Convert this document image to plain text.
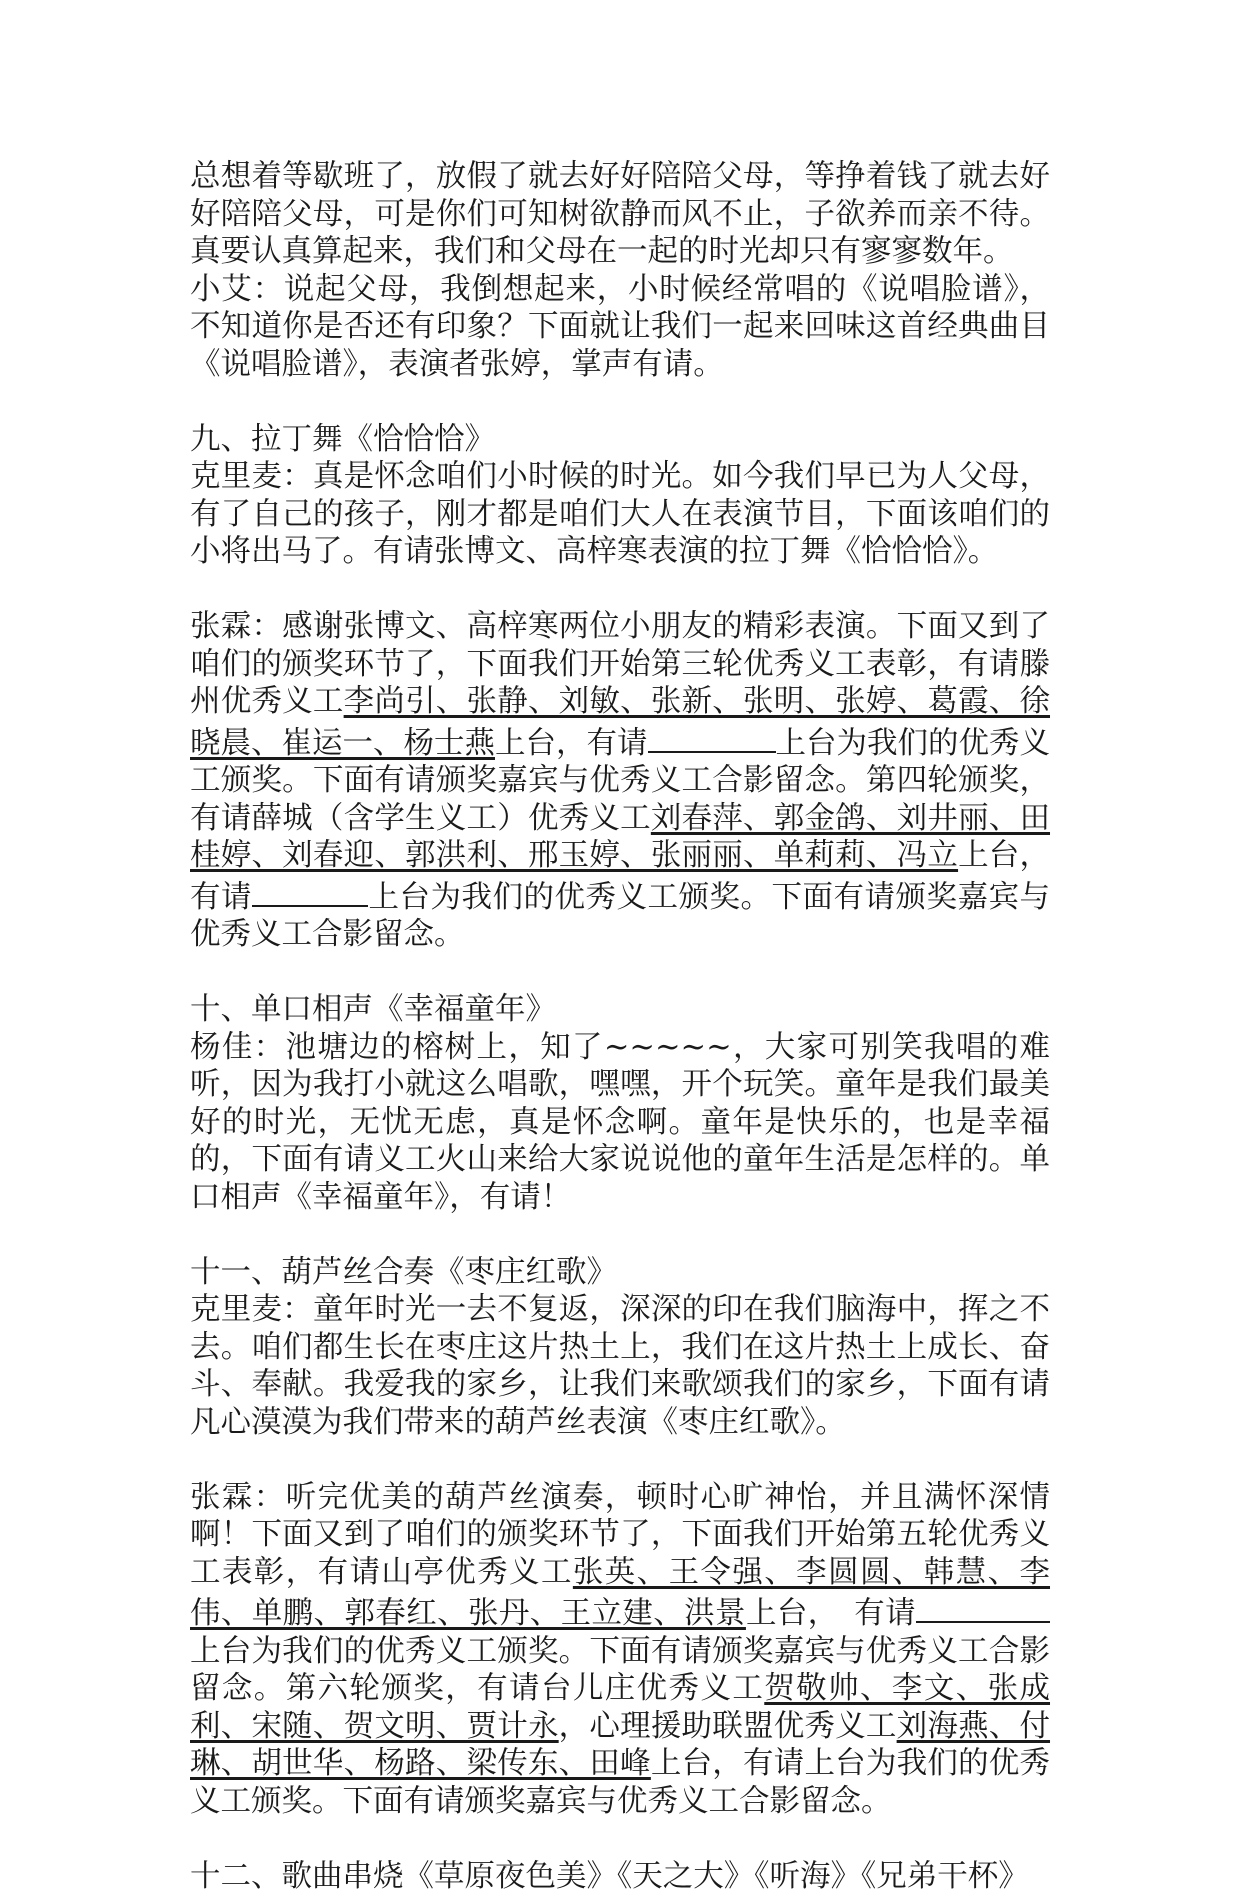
总想着等歇班了，放假了就去好好陪陪父母，等挣着钱了就去好好陪陪父母，可是你们可知树欲静而风不止，子欲养而亲不待。真要认真算起来，我们和父母在一起的时光却只有寥寥数年。

小艾：说起父母，我倒想起来，小时候经常唱的《说唱脸谱》，不知道你是否还有印象？下面就让我们一起来回味这首经典曲目《说唱脸谱》，表演者张婷，掌声有请。

九、拉丁舞《恰恰恰》

克里麦：真是怀念咱们小时候的时光。如今我们早已为人父母，有了自己的孩子，刚才都是咱们大人在表演节目，下面该咱们的小将出马了。有请张博文、高梓寒表演的拉丁舞《恰恰恰》。

张霖：感谢张博文、高梓寒两位小朋友的精彩表演。下面又到了咱们的颁奖环节了，下面我们开始第三轮优秀义工表彰，有请滕州优秀义工李尚引、张静、刘敏、张新、张明、张婷、葛霞、徐晓晨、崔运一、杨士燕上台，有请	上台为我们的优秀义工颁奖。下面有请颁奖嘉宾与优秀义工合影留念。第四轮颁奖，有请薛城（含学生义工）优秀义工刘春萍、郭金鸽、刘井丽、田桂婷、刘春迎、郭洪利、邢玉婷、张丽丽、单莉莉、冯立上台，有请	上台为我们的优秀义工颁奖。下面有请颁奖嘉宾与优秀义工合影留念。

十、单口相声《幸福童年》

杨佳：池塘边的榕树上，知了~~~~~，大家可别笑我唱的难听，因为我打小就这么唱歌，嘿嘿，开个玩笑。童年是我们最美好的时光，无忧无虑，真是怀念啊。童年是快乐的，也是幸福的，下面有请义工火山来给大家说说他的童年生活是怎样的。单口相声《幸福童年》，有请！

十一、葫芦丝合奏《枣庄红歌》

克里麦：童年时光一去不复返，深深的印在我们脑海中，挥之不去。咱们都生长在枣庄这片热土上，我们在这片热土上成长、奋斗、奉献。我爱我的家乡，让我们来歌颂我们的家乡，下面有请凡心漠漠为我们带来的葫芦丝表演《枣庄红歌》。

张霖：听完优美的葫芦丝演奏，顿时心旷神怡，并且满怀深情啊！下面又到了咱们的颁奖环节了，下面我们开始第五轮优秀义工表彰，有请山亭优秀义工张英、王令强、李圆圆、韩慧、李伟、单鹏、郭春红、张丹、王立建、洪景上台，　有请上台为我们的优秀义工颁奖。下面有请颁奖嘉宾与优秀义工合影留念。第六轮颁奖，有请台儿庄优秀义工贺敬帅、李文、张成利、宋随、贺文明、贾计永，心理援助联盟优秀义工刘海燕、付琳、胡世华、杨路、梁传东、田峰上台，有请上台为我们的优秀义工颁奖。下面有请颁奖嘉宾与优秀义工合影留念。

十二、歌曲串烧《草原夜色美》《天之大》《听海》《兄弟干杯》
